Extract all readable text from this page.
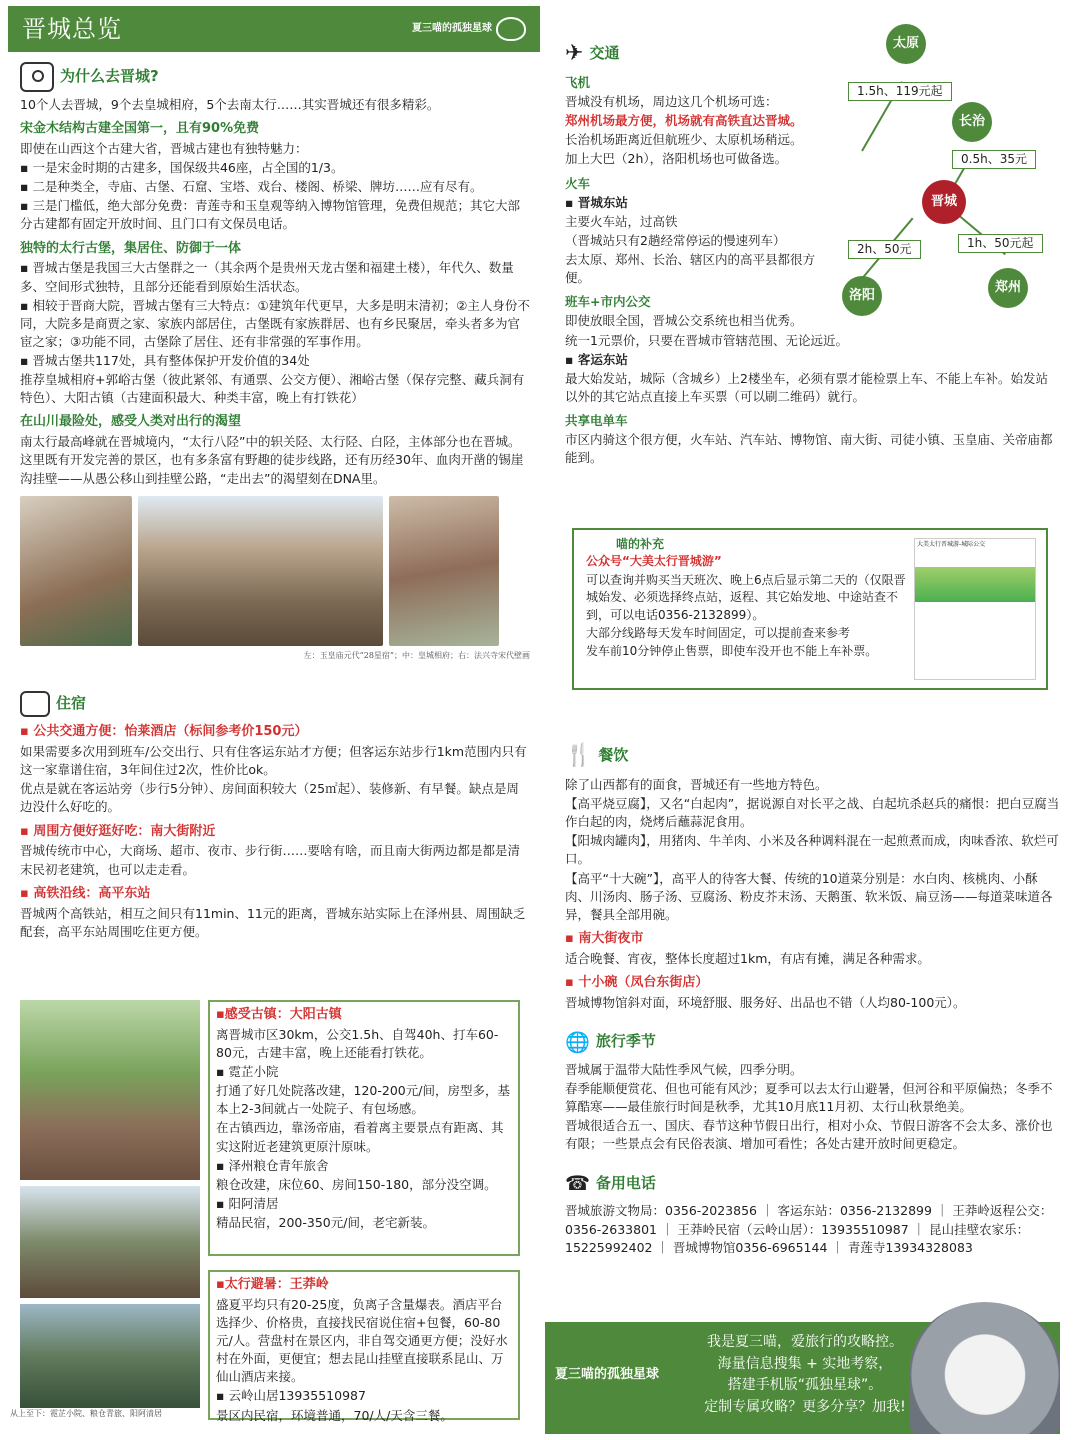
晋城总览	夏三喵的孤独星球
为什么去晋城?

10个人去晋城，9个去皇城相府，5个去南太行……其实晋城还有很多精彩。

宋金木结构古建全国第一，且有90%免费

即使在山西这个古建大省，晋城古建也有独特魅力：

▪ 一是宋金时期的古建多，国保级共46座，占全国的1/3。

▪ 二是种类全，寺庙、古堡、石窟、宝塔、戏台、楼阁、桥梁、牌坊……应有尽有。

▪ 三是门槛低，绝大部分免费：青莲寺和玉皇观等纳入博物馆管理，免费但规范；其它大部分古建都有固定开放时间、且门口有文保员电话。

独特的太行古堡，集居住、防御于一体

▪ 晋城古堡是我国三大古堡群之一（其余两个是贵州天龙古堡和福建土楼），年代久、数量多、空间形式独特，且部分还能看到原始生活状态。

▪ 相较于晋商大院，晋城古堡有三大特点：①建筑年代更早，大多是明末清初；②主人身份不同，大院多是商贾之家、家族内部居住，古堡既有家族群居、也有乡民聚居，牵头者多为官宦之家；③功能不同，古堡除了居住、还有非常强的军事作用。

▪ 晋城古堡共117处，具有整体保护开发价值的34处

推荐皇城相府+郭峪古堡（彼此紧邻、有通票、公交方便）、湘峪古堡（保存完整、藏兵洞有特色）、大阳古镇（古建面积最大、种类丰富，晚上有打铁花）

在山川最险处，感受人类对出行的渴望

南太行最高峰就在晋城境内，“太行八陉”中的轵关陉、太行陉、白陉，主体部分也在晋城。这里既有开发完善的景区，也有多条富有野趣的徒步线路，还有历经30年、血肉开凿的锡崖沟挂壁——从愚公移山到挂壁公路，“走出去”的渴望刻在DNA里。

左：玉皇庙元代“28星宿”；中：皇城相府；右：法兴寺宋代壁画
住宿
▪ 公共交通方便：怡莱酒店（标间参考价150元）

如果需要多次用到班车/公交出行、只有住客运东站才方便；但客运东站步行1km范围内只有这一家靠谱住宿，3年间住过2次，性价比ok。

优点是就在客运站旁（步行5分钟）、房间面积较大（25㎡起）、装修新、有早餐。缺点是周边没什么好吃的。

▪ 周围方便好逛好吃：南大街附近

晋城传统市中心，大商场、超市、夜市、步行街……要啥有啥，而且南大街两边都是都是清末民初老建筑，也可以走走看。

▪ 高铁沿线：高平东站

晋城两个高铁站，相互之间只有11min、11元的距离，晋城东站实际上在泽州县、周围缺乏配套，高平东站周围吃住更方便。

从上至下：霓芷小院、粮仓青旅、阳阿清居
▪感受古镇：大阳古镇

离晋城市区30km，公交1.5h、自驾40h、打车60-80元，古建丰富，晚上还能看打铁花。

▪ 霓芷小院

打通了好几处院落改建，120-200元/间，房型多，基本上2-3间就占一处院子、有包场感。

在古镇西边，靠汤帝庙，看着离主要景点有距离、其实这附近老建筑更原汁原味。

▪ 泽州粮仓青年旅舍

粮仓改建，床位60、房间150-180，部分没空调。

▪ 阳阿清居

精品民宿，200-350元/间，老宅新装。

▪太行避暑：王莽岭

盛夏平均只有20-25度，负离子含量爆表。酒店平台选择少、价格贵，直接找民宿说住宿+包餐，60-80元/人。营盘村在景区内，非自驾交通更方便；没好水村在外面，更便宜；想去昆山挂壁直接联系昆山、万仙山酒店来接。

▪ 云岭山居13935510987

景区内民宿，环境普通，70/人/天含三餐。

✈ 交通
飞机

晋城没有机场，周边这几个机场可选：

郑州机场最方便，机场就有高铁直达晋城。

长治机场距离近但航班少、太原机场稍远。

加上大巴（2h），洛阳机场也可做备选。

火车

▪ 晋城东站

主要火车站，过高铁

（晋城站只有2趟经常停运的慢速列车）

去太原、郑州、长治、辖区内的高平县都很方便。

班车+市内公交

即使放眼全国，晋城公交系统也相当优秀。

统一1元票价，只要在晋城市管辖范围、无论远近。

▪ 客运东站

最大始发站，城际（含城乡）上2楼坐车，必须有票才能检票上车、不能上车补。始发站以外的其它站点直接上车买票（可以刷二维码）就行。

共享电单车

市区内骑这个很方便，火车站、汽车站、博物馆、南大街、司徒小镇、玉皇庙、关帝庙都能到。

太原
长治
晋城
郑州
洛阳
1.5h、119元起
0.5h、35元
1h、50元起
2h、50元
喵的补充
公众号“大美太行晋城游”

可以查询并购买当天班次、晚上6点后显示第二天的（仅限晋城始发、必须选择终点站，返程、其它始发地、中途站查不到，可以电话0356-2132899）。

大部分线路每天发车时间固定，可以提前查来参考

发车前10分钟停止售票，即使车没开也不能上车补票。

大美太行晋城游-城际公交
🍴 餐饮

除了山西都有的面食，晋城还有一些地方特色。

【高平烧豆腐】，又名“白起肉”，据说源自对长平之战、白起坑杀赵兵的痛恨：把白豆腐当作白起的肉，烧烤后蘸蒜泥食用。

【阳城肉罐肉】，用猪肉、牛羊肉、小米及各种调料混在一起煎煮而成，肉味香浓、软烂可口。

【高平“十大碗”】，高平人的待客大餐、传统的10道菜分别是：水白肉、核桃肉、小酥肉、川汤肉、肠子汤、豆腐汤、粉皮芥末汤、天鹅蛋、软米饭、扁豆汤——每道菜味道各异，餐具全部用碗。

▪ 南大街夜市

适合晚餐、宵夜，整体长度超过1km，有店有摊，满足各种需求。

▪ 十小碗（凤台东街店）

晋城博物馆斜对面，环境舒服、服务好、出品也不错（人均80-100元）。

🌐 旅行季节

晋城属于温带大陆性季风气候，四季分明。

春季能顺便赏花、但也可能有风沙；夏季可以去太行山避暑，但河谷和平原偏热；冬季不算酷寒——最佳旅行时间是秋季，尤其10月底11月初、太行山秋景绝美。

晋城很适合五一、国庆、春节这种节假日出行，相对小众、节假日游客不会太多、涨价也有限；一些景点会有民俗表演、增加可看性；各处古建开放时间更稳定。

☎ 备用电话

晋城旅游文物局：0356-2023856 ｜ 客运东站：0356-2132899 ｜ 王莽岭返程公交：0356-2633801 ｜ 王莽岭民宿（云岭山居）：13935510987 ｜ 昆山挂壁农家乐：15225992402 ｜ 晋城博物馆0356-6965144 ｜ 青莲寺13934328083

夏三喵的孤独星球
我是夏三喵，爱旅行的攻略控。
海量信息搜集 + 实地考察，
搭建手机版“孤独星球”。
定制专属攻略？更多分享？加我!
